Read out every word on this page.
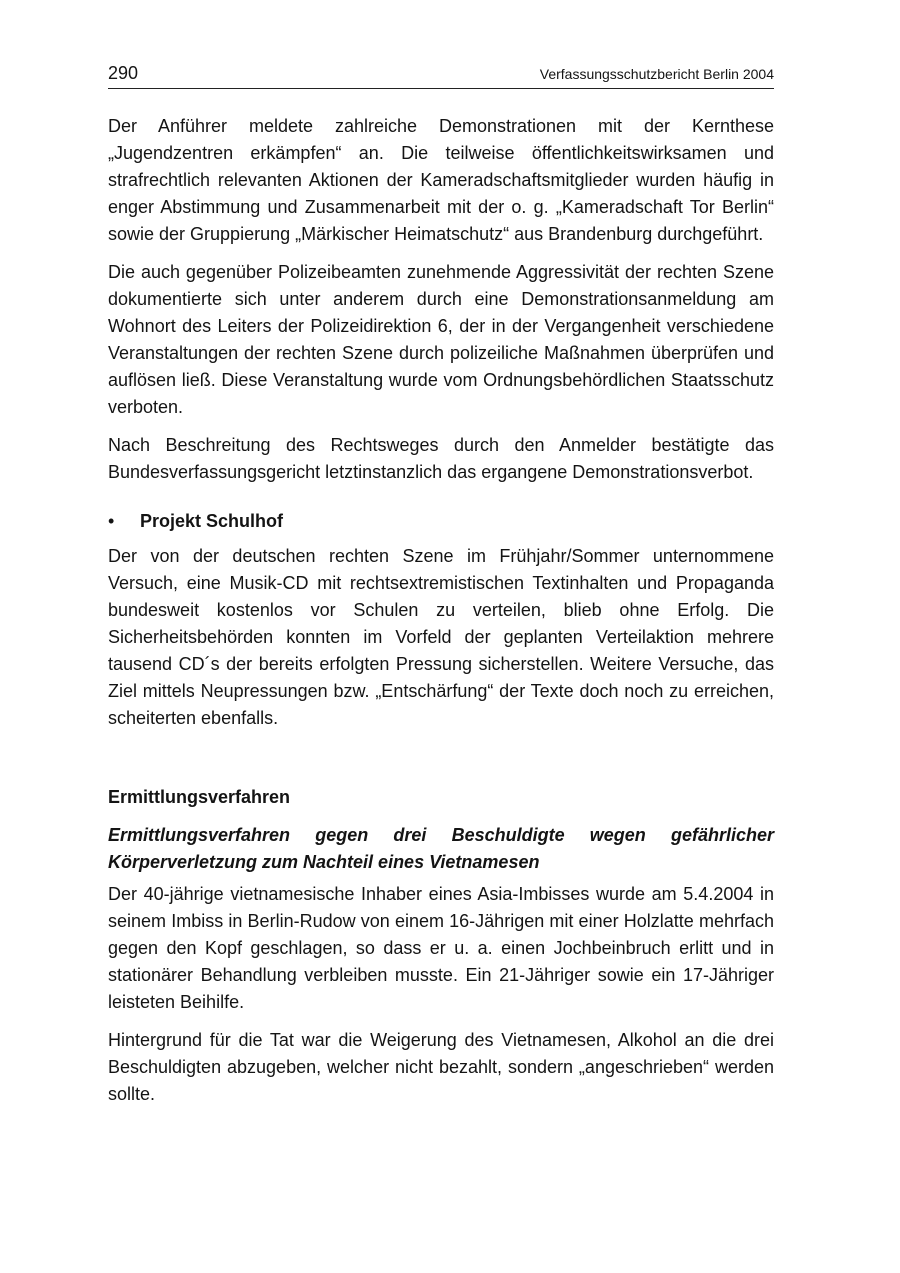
290	Verfassungsschutzbericht Berlin 2004

Der Anführer meldete zahlreiche Demonstrationen mit der Kernthese „Jugendzentren erkämpfen“ an. Die teilweise öffentlichkeitswirksamen und strafrechtlich relevanten Aktionen der Kameradschaftsmitglieder wurden häufig in enger Abstimmung und Zusammenarbeit mit der o. g. „Kameradschaft Tor Berlin“ sowie der Gruppierung „Märkischer Heimatschutz“ aus Brandenburg durchgeführt.

Die auch gegenüber Polizeibeamten zunehmende Aggressivität der rechten Szene dokumentierte sich unter anderem durch eine Demonstrationsanmeldung am Wohnort des Leiters der Polizeidirektion 6, der in der Vergangenheit verschiedene Veranstaltungen der rechten Szene durch polizeiliche Maßnahmen überprüfen und auflösen ließ. Diese Veranstaltung wurde vom Ordnungsbehördlichen Staatsschutz verboten.

Nach Beschreitung des Rechtsweges durch den Anmelder bestätigte das Bundesverfassungsgericht letztinstanzlich das ergangene Demonstrationsverbot.

•	Projekt Schulhof

Der von der deutschen rechten Szene im Frühjahr/Sommer unternommene Versuch, eine Musik-CD mit rechtsextremistischen Textinhalten und Propaganda bundesweit kostenlos vor Schulen zu verteilen, blieb ohne Erfolg. Die Sicherheitsbehörden konnten im Vorfeld der geplanten Verteilaktion mehrere tausend CD´s der bereits erfolgten Pressung sicherstellen. Weitere Versuche, das Ziel mittels Neupressungen bzw. „Entschärfung“ der Texte doch noch zu erreichen, scheiterten ebenfalls.

Ermittlungsverfahren
Ermittlungsverfahren gegen drei Beschuldigte wegen gefährlicher Körperverletzung zum Nachteil eines Vietnamesen

Der 40-jährige vietnamesische Inhaber eines Asia-Imbisses wurde am 5.4.2004 in seinem Imbiss in Berlin-Rudow von einem 16-Jährigen mit einer Holzlatte mehrfach gegen den Kopf geschlagen, so dass er u. a. einen Jochbeinbruch erlitt und in stationärer Behandlung verbleiben musste. Ein 21-Jähriger sowie ein 17-Jähriger leisteten Beihilfe.

Hintergrund für die Tat war die Weigerung des Vietnamesen, Alkohol an die drei Beschuldigten abzugeben, welcher nicht bezahlt, sondern „angeschrieben“ werden sollte.
